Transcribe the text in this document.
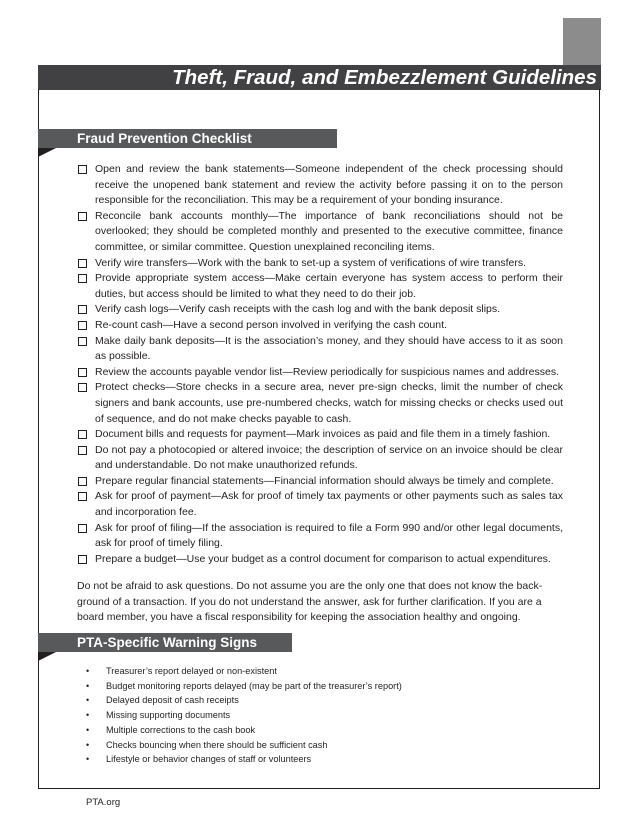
Theft, Fraud, and Embezzlement Guidelines
Fraud Prevention Checklist
Open and review the bank statements—Someone independent of the check processing should receive the unopened bank statement and review the activity before passing it on to the person responsible for the reconciliation. This may be a requirement of your bonding insurance.
Reconcile bank accounts monthly—The importance of bank reconciliations should not be overlooked; they should be completed monthly and presented to the executive committee, finance committee, or similar committee. Question unexplained reconciling items.
Verify wire transfers—Work with the bank to set-up a system of verifications of wire transfers.
Provide appropriate system access—Make certain everyone has system access to perform their duties, but access should be limited to what they need to do their job.
Verify cash logs—Verify cash receipts with the cash log and with the bank deposit slips.
Re-count cash—Have a second person involved in verifying the cash count.
Make daily bank deposits—It is the association’s money, and they should have access to it as soon as possible.
Review the accounts payable vendor list—Review periodically for suspicious names and addresses.
Protect checks—Store checks in a secure area, never pre-sign checks, limit the number of check signers and bank accounts, use pre-numbered checks, watch for missing checks or checks used out of sequence, and do not make checks payable to cash.
Document bills and requests for payment—Mark invoices as paid and file them in a timely fashion.
Do not pay a photocopied or altered invoice; the description of service on an invoice should be clear and understandable. Do not make unauthorized refunds.
Prepare regular financial statements—Financial information should always be timely and complete.
Ask for proof of payment—Ask for proof of timely tax payments or other payments such as sales tax and incorporation fee.
Ask for proof of filing—If the association is required to file a Form 990 and/or other legal documents, ask for proof of timely filing.
Prepare a budget—Use your budget as a control document for comparison to actual expenditures.

Do not be afraid to ask questions. Do not assume you are the only one that does not know the back-ground of a transaction. If you do not understand the answer, ask for further clarification. If you are a board member, you have a fiscal responsibility for keeping the association healthy and ongoing.

PTA-Specific Warning Signs
• Treasurer’s report delayed or non-existent
• Budget monitoring reports delayed (may be part of the treasurer’s report)
• Delayed deposit of cash receipts
• Missing supporting documents
• Multiple corrections to the cash book
• Checks bouncing when there should be sufficient cash
• Lifestyle or behavior changes of staff or volunteers
PTA.org
